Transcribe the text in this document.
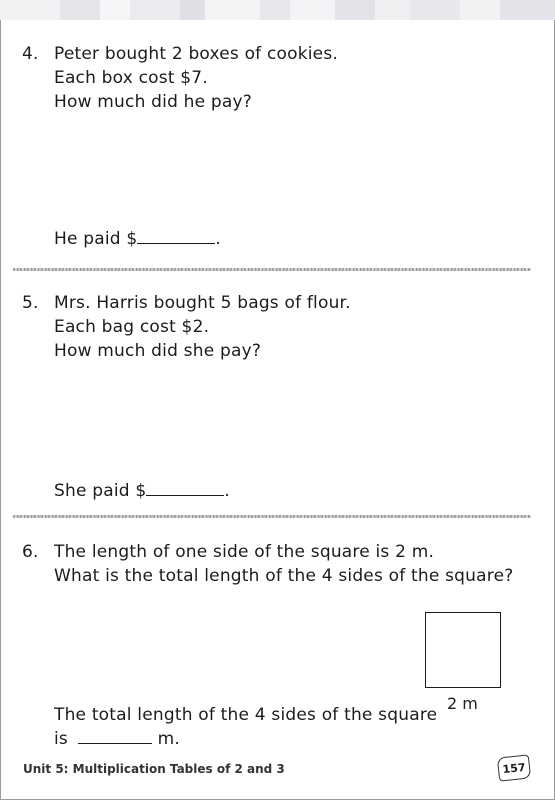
4. Peter bought 2 boxes of cookies.
Each box cost $7.
How much did he pay?
He paid $	.
5. Mrs. Harris bought 5 bags of flour.
Each bag cost $2.
How much did she pay?
She paid $	.
6. The length of one side of the square is 2 m.
What is the total length of the 4 sides of the square?
2 m
The total length of the 4 sides of the square
is	m.
Unit 5: Multiplication Tables of 2 and 3	157
